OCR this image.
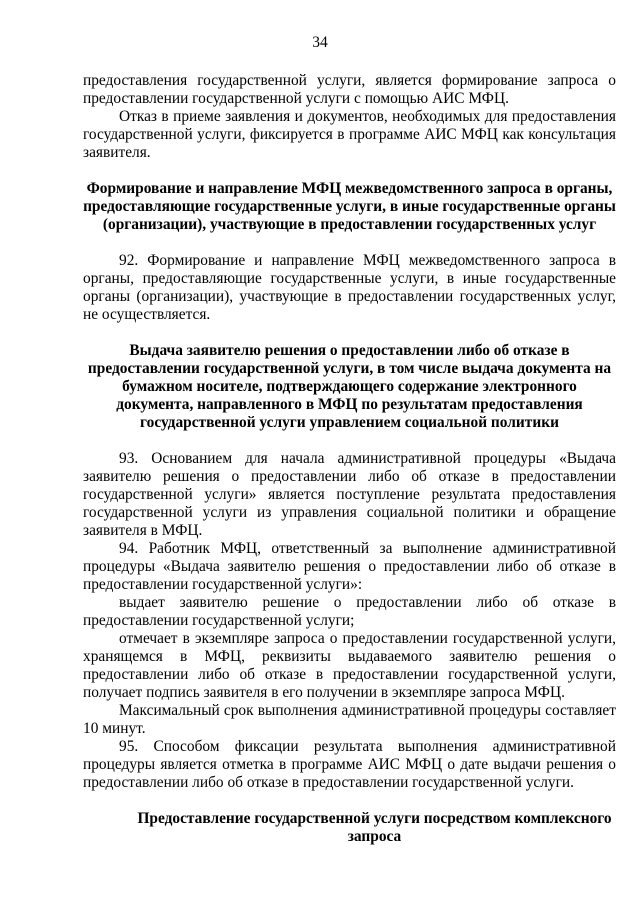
34

предоставления государственной услуги, является формирование запроса о предоставлении государственной услуги с помощью АИС МФЦ.

Отказ в приеме заявления и документов, необходимых для предоставления государственной услуги, фиксируется в программе АИС МФЦ как консультация заявителя.

Формирование и направление МФЦ межведомственного запроса в органы, предоставляющие государственные услуги, в иные государственные органы (организации), участвующие в предоставлении государственных услуг

92. Формирование и направление МФЦ межведомственного запроса в органы, предоставляющие государственные услуги, в иные государственные органы (организации), участвующие в предоставлении государственных услуг, не осуществляется.

Выдача заявителю решения о предоставлении либо об отказе в предоставлении государственной услуги, в том числе выдача документа на бумажном носителе, подтверждающего содержание электронного документа, направленного в МФЦ по результатам предоставления государственной услуги управлением социальной политики

93. Основанием для начала административной процедуры «Выдача заявителю решения о предоставлении либо об отказе в предоставлении государственной услуги» является поступление результата предоставления государственной услуги из управления социальной политики и обращение заявителя в МФЦ.

94. Работник МФЦ, ответственный за выполнение административной процедуры «Выдача заявителю решения о предоставлении либо об отказе в предоставлении государственной услуги»:

выдает заявителю решение о предоставлении либо об отказе в предоставлении государственной услуги;

отмечает в экземпляре запроса о предоставлении государственной услуги, хранящемся в МФЦ, реквизиты выдаваемого заявителю решения о предоставлении либо об отказе в предоставлении государственной услуги, получает подпись заявителя в его получении в экземпляре запроса МФЦ.

Максимальный срок выполнения административной процедуры составляет 10 минут.

95. Способом фиксации результата выполнения административной процедуры является отметка в программе АИС МФЦ о дате выдачи решения о предоставлении либо об отказе в предоставлении государственной услуги.

Предоставление государственной услуги посредством комплексного запроса
